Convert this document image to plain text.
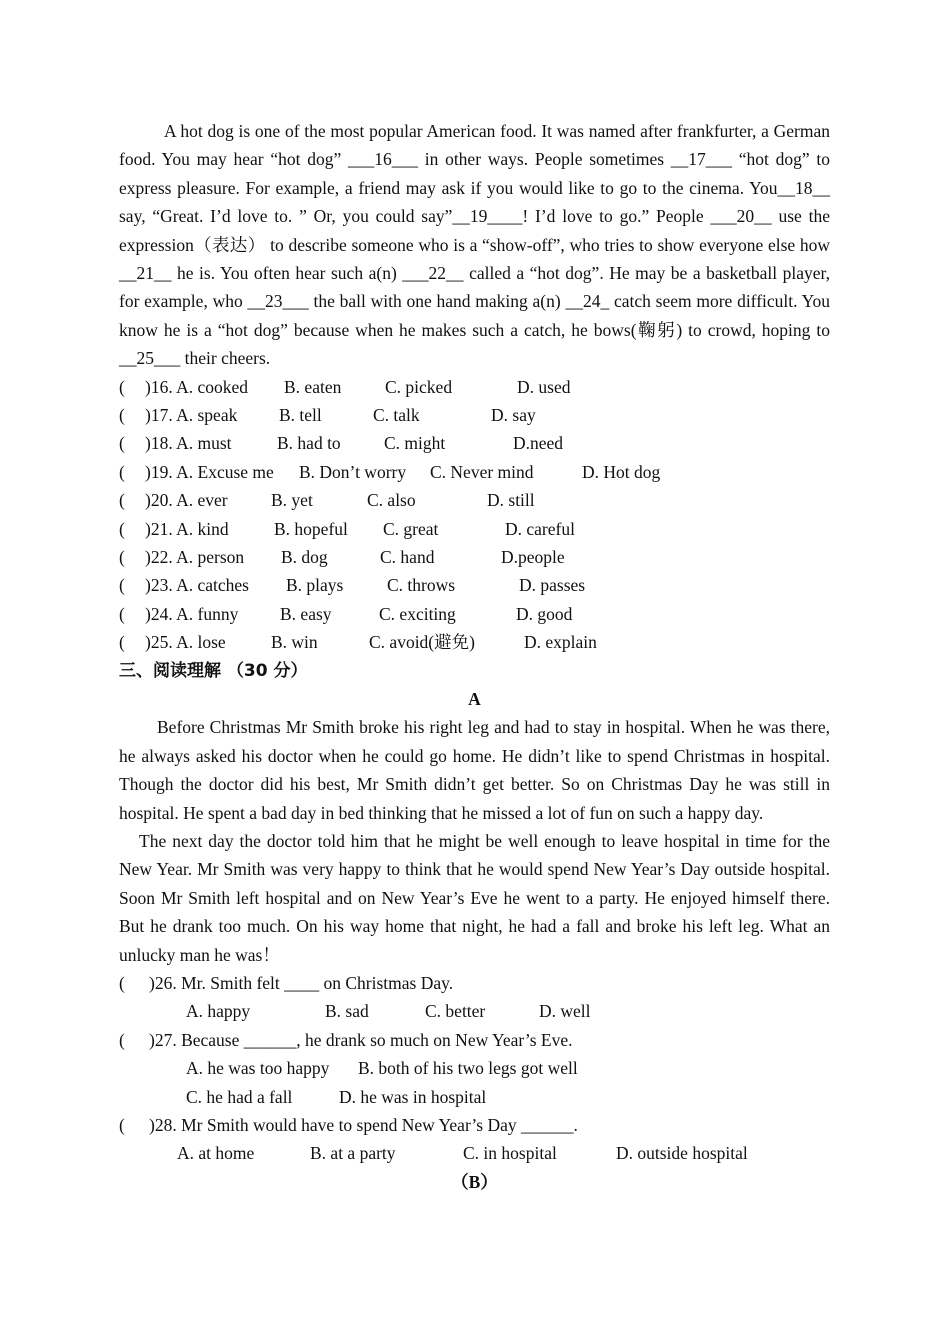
A hot dog is one of the most popular American food. It was named after frankfurter, a German food. You may hear “hot dog” ___16___ in other ways. People sometimes __17___ “hot dog” to express pleasure. For example, a friend may ask if you would like to go to the cinema. You__18__ say, “Great. I’d love to. ” Or, you could say”__19____! I’d love to go.” People ___20__ use the expression（表达） to describe someone who is a “show-off”, who tries to show everyone else how __21__ he is. You often hear such a(n) ___22__ called a “hot dog”. He may be a basketball player, for example, who __23___ the ball with one hand making a(n) __24_ catch seem more difficult. You know he is a “hot dog” because when he makes such a catch, he bows(鞠躬) to crowd, hoping to __25___ their cheers.

(	)16. A. cooked	B. eaten	C. picked	D. used
(	)17. A. speak	B. tell	C. talk	D. say
(	)18. A. must	B. had to	C. might	D.need
(	)19. A. Excuse me	B. Don’t worry	C. Never mind	D. Hot dog
(	)20. A. ever	B. yet	C. also	D. still
(	)21. A. kind	B. hopeful	C. great	D. careful
(	)22. A. person	B. dog	C. hand	D.people
(	)23. A. catches	B. plays	C. throws	D. passes
(	)24. A. funny	B. easy	C. exciting	D. good
(	)25. A. lose	B. win	C. avoid(避免)	D. explain
三、阅读理解 （30 分）
A

Before Christmas Mr Smith broke his right leg and had to stay in hospital. When he was there, he always asked his doctor when he could go home. He didn’t like to spend Christmas in hospital. Though the doctor did his best, Mr Smith didn’t get better. So on Christmas Day he was still in hospital. He spent a bad day in bed thinking that he missed a lot of fun on such a happy day.

The next day the doctor told him that he might be well enough to leave hospital in time for the New Year. Mr Smith was very happy to think that he would spend New Year’s Day outside hospital. Soon Mr Smith left hospital and on New Year’s Eve he went to a party. He enjoyed himself there. But he drank too much. On his way home that night, he had a fall and broke his left leg. What an unlucky man he was！

(	)26. Mr. Smith felt ____ on Christmas Day.
A. happy	B. sad	C. better	D. well
(	)27. Because ______, he drank so much on New Year’s Eve.
A. he was too happy	B. both of his two legs got well
C. he had a fall	D. he was in hospital
(	)28. Mr Smith would have to spend New Year’s Day ______.
A. at home	B. at a party	C. in hospital	D. outside hospital
（B）
